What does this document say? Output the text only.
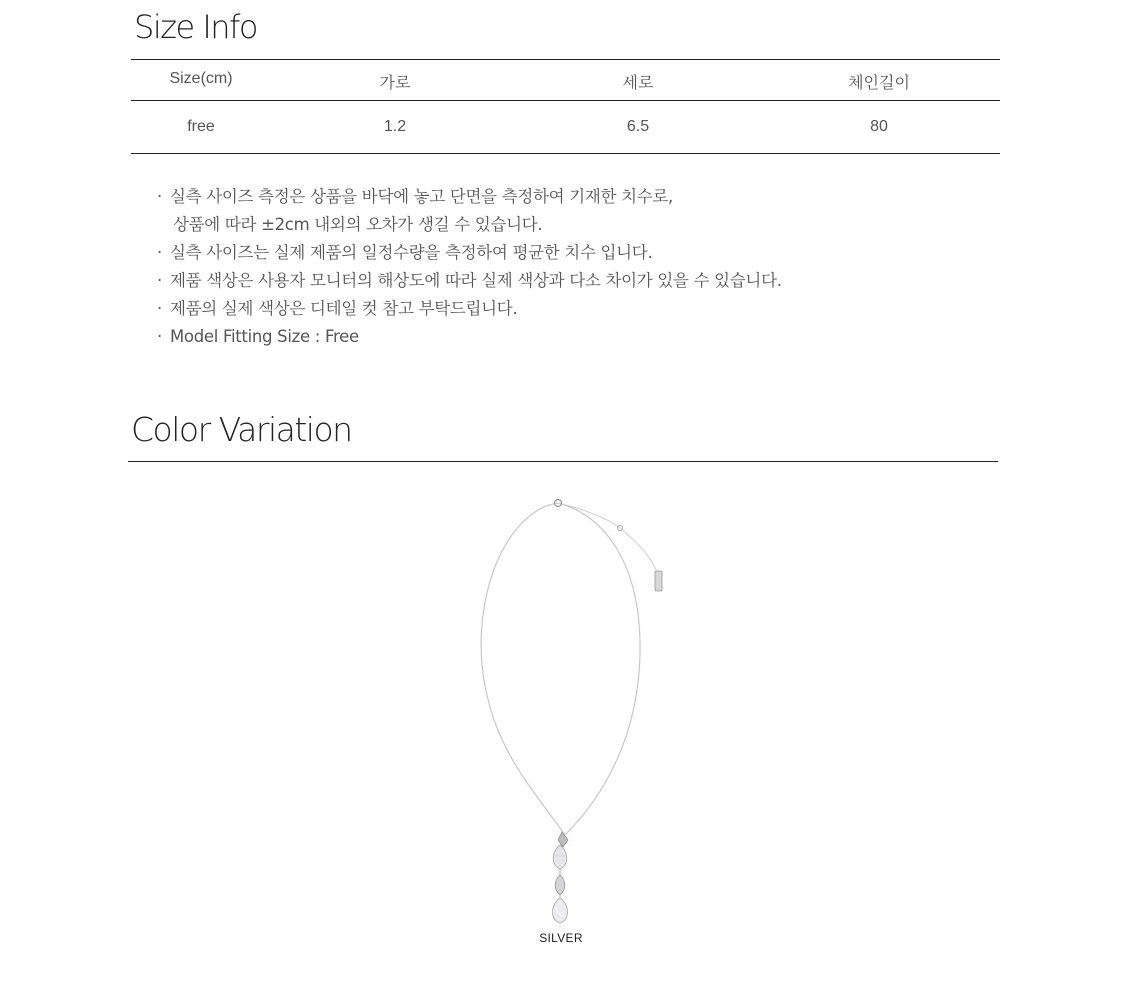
Size Info
Size(cm)	가로	세로	체인길이
free	1.2	6.5	80
· 실측 사이즈 측정은 상품을 바닥에 놓고 단면을 측정하여 기재한 치수로,
상품에 따라 ±2cm 내외의 오차가 생길 수 있습니다.
· 실측 사이즈는 실제 제품의 일정수량을 측정하여 평균한 치수 입니다.
· 제품 색상은 사용자 모니터의 해상도에 따라 실제 색상과 다소 차이가 있을 수 있습니다.
· 제품의 실제 색상은 디테일 컷 참고 부탁드립니다.
· Model Fitting Size : Free
Color Variation
SILVER
